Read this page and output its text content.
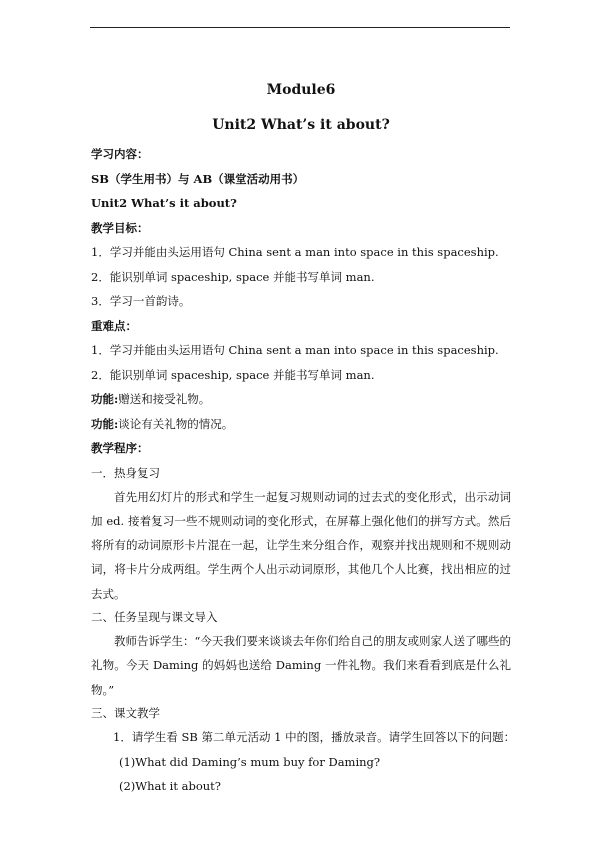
Module6

Unit2 What’s it about?

学习内容：

SB（学生用书）与 AB（课堂活动用书）

Unit2 What’s it about?

教学目标：

1．学习并能由头运用语句 China sent a man into space in this spaceship.

2．能识别单词 spaceship, space 并能书写单词 man.

3．学习一首韵诗。

重难点：

1．学习并能由头运用语句 China sent a man into space in this spaceship.

2．能识别单词 spaceship, space 并能书写单词 man.

功能:赠送和接受礼物。

功能:谈论有关礼物的情况。

教学程序：

一．热身复习

首先用幻灯片的形式和学生一起复习规则动词的过去式的变化形式，出示动词加 ed. 接着复习一些不规则动词的变化形式，在屏幕上强化他们的拼写方式。然后将所有的动词原形卡片混在一起，让学生来分组合作，观察并找出规则和不规则动词，将卡片分成两组。学生两个人出示动词原形，其他几个人比赛，找出相应的过去式。

二、任务呈现与课文导入

教师告诉学生：“今天我们要来谈谈去年你们给自己的朋友或则家人送了哪些的礼物。今天 Daming 的妈妈也送给 Daming 一件礼物。我们来看看到底是什么礼物。”

三、课文教学

1．请学生看 SB 第二单元活动 1 中的图，播放录音。请学生回答以下的问题：

(1)What did Daming’s mum buy for Daming?

(2)What it about?
